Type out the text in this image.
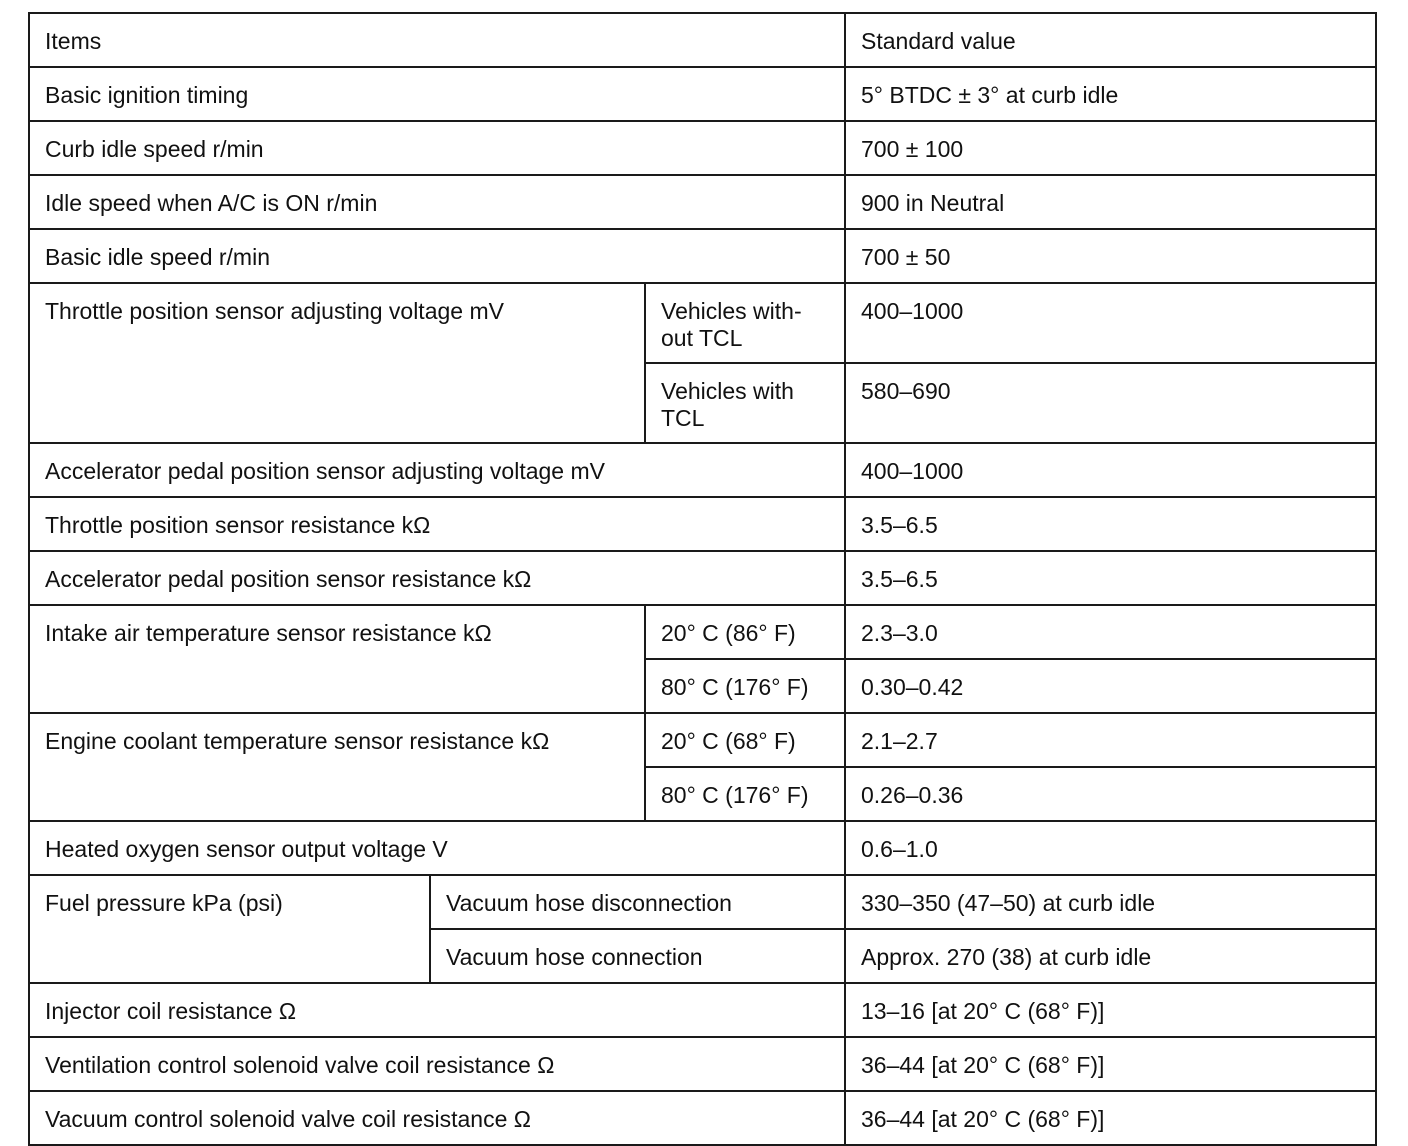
Items			Standard value
Basic ignition timing			5° BTDC ± 3° at curb idle
Curb idle speed r/min			700 ± 100
Idle speed when A/C is ON r/min			900 in Neutral
Basic idle speed r/min			700 ± 50
Throttle position sensor adjusting voltage mV		Vehicles with-out TCL	400–1000
		Vehicles with TCL	580–690
Accelerator pedal position sensor adjusting voltage mV			400–1000
Throttle position sensor resistance kΩ			3.5–6.5
Accelerator pedal position sensor resistance kΩ			3.5–6.5
Intake air temperature sensor resistance kΩ		20° C (86° F)	2.3–3.0
		80° C (176° F)	0.30–0.42
Engine coolant temperature sensor resistance kΩ		20° C (68° F)	2.1–2.7
		80° C (176° F)	0.26–0.36
Heated oxygen sensor output voltage V			0.6–1.0
Fuel pressure kPa (psi)	Vacuum hose disconnection		330–350 (47–50) at curb idle
	Vacuum hose connection		Approx. 270 (38) at curb idle
Injector coil resistance Ω			13–16 [at 20° C (68° F)]
Ventilation control solenoid valve coil resistance Ω			36–44 [at 20° C (68° F)]
Vacuum control solenoid valve coil resistance Ω			36–44 [at 20° C (68° F)]
